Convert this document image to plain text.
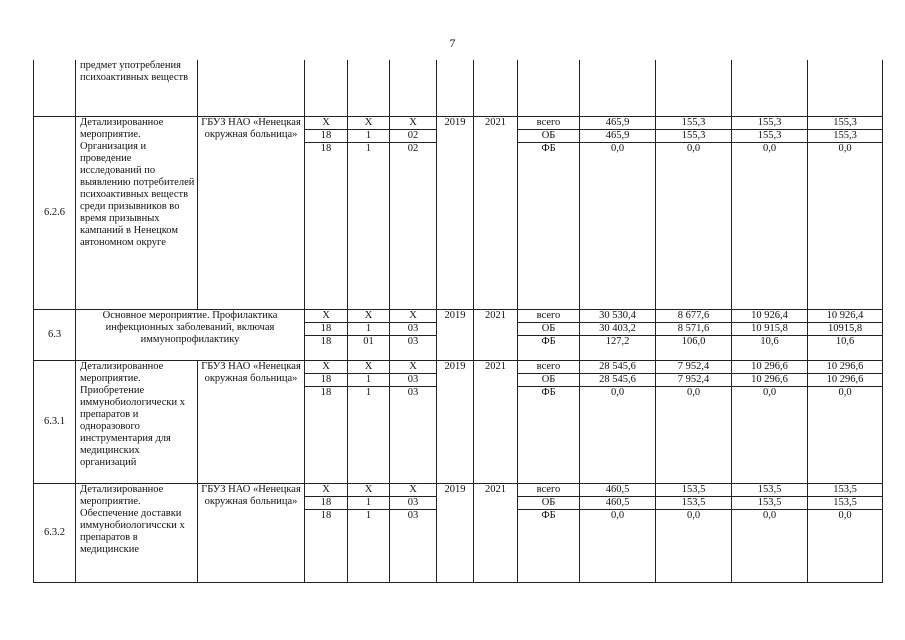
7
	предмет употребления психоактивных веществ											
6.2.6	Детализированное мероприятие. Организация и проведение исследований по выявлению потребителей психоактивных веществ среди призывников во время призывных кампаний в Ненецком автономном округе	ГБУЗ НАО «Ненецкая окружная больница»	Х	Х	Х	2019	2021	всего	465,9	155,3	155,3	155,3
			18	1	02			ОБ	465,9	155,3	155,3	155,3
			18	1	02			ФБ	0,0	0,0	0,0	0,0
6.3	Основное мероприятие. Профилактика инфекционных заболеваний, включая иммунопрофилактику		Х	Х	Х	2019	2021	всего	30 530,4	8 677,6	10 926,4	10 926,4
			18	1	03			ОБ	30 403,2	8 571,6	10 915,8	10915,8
			18	01	03			ФБ	127,2	106,0	10,6	10,6
6.3.1	Детализированное мероприятие. Приобретение иммунобиологически х препаратов и одноразового инструментария для медицинских организаций	ГБУЗ НАО «Ненецкая окружная больница»	Х	Х	Х	2019	2021	всего	28 545,6	7 952,4	10 296,6	10 296,6
			18	1	03			ОБ	28 545,6	7 952,4	10 296,6	10 296,6
			18	1	03			ФБ	0,0	0,0	0,0	0,0
6.3.2	Детализированное мероприятие. Обеспечение доставки иммунобиологичсски х препаратов в медицинские	ГБУЗ НАО «Ненецкая окружная больница»	Х	Х	Х	2019	2021	всего	460,5	153,5	153,5	153,5
			18	1	03			ОБ	460,5	153,5	153,5	153,5
			18	1	03			ФБ	0,0	0,0	0,0	0,0
